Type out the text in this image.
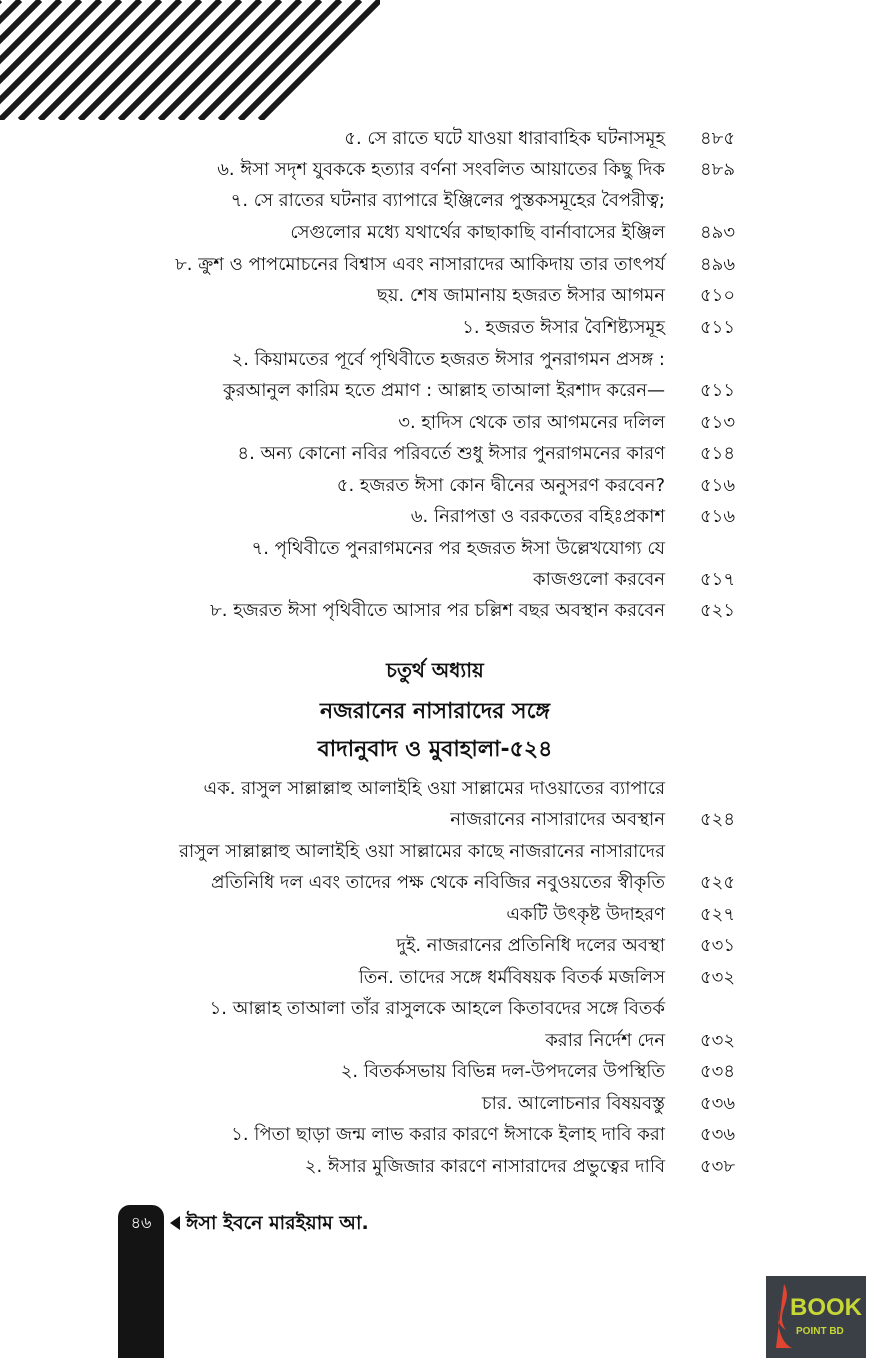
৫. সে রাতে ঘটে যাওয়া ধারাবাহিক ঘটনাসমূহ ৪৮৫
৬. ঈসা সদৃশ যুবককে হত্যার বর্ণনা সংবলিত আয়াতের কিছু দিক ৪৮৯
৭. সে রাতের ঘটনার ব্যাপারে ইঞ্জিলের পুস্তকসমূহের বৈপরীত্ব;
সেগুলোর মধ্যে যথার্থের কাছাকাছি বার্নাবাসের ইঞ্জিল ৪৯৩
৮. ক্রুশ ও পাপমোচনের বিশ্বাস এবং নাসারাদের আকিদায় তার তাৎপর্য ৪৯৬
ছয়. শেষ জামানায় হজরত ঈসার আগমন ৫১০
১. হজরত ঈসার বৈশিষ্ট্যসমূহ ৫১১
২. কিয়ামতের পূর্বে পৃথিবীতে হজরত ঈসার পুনরাগমন প্রসঙ্গ :
কুরআনুল কারিম হতে প্রমাণ : আল্লাহ তাআলা ইরশাদ করেন— ৫১১
৩. হাদিস থেকে তার আগমনের দলিল ৫১৩
৪. অন্য কোনো নবির পরিবর্তে শুধু ঈসার পুনরাগমনের কারণ ৫১৪
৫. হজরত ঈসা কোন দ্বীনের অনুসরণ করবেন? ৫১৬
৬. নিরাপত্তা ও বরকতের বহিঃপ্রকাশ ৫১৬
৭. পৃথিবীতে পুনরাগমনের পর হজরত ঈসা উল্লেখযোগ্য যে
কাজগুলো করবেন ৫১৭
৮. হজরত ঈসা পৃথিবীতে আসার পর চল্লিশ বছর অবস্থান করবেন ৫২১
চতুর্থ অধ্যায়
নজরানের নাসারাদের সঙ্গে
বাদানুবাদ ও মুবাহালা-৫২৪
এক. রাসুল সাল্লাল্লাহু আলাইহি ওয়া সাল্লামের দাওয়াতের ব্যাপারে
নাজরানের নাসারাদের অবস্থান ৫২৪
রাসুল সাল্লাল্লাহু আলাইহি ওয়া সাল্লামের কাছে নাজরানের নাসারাদের
প্রতিনিধি দল এবং তাদের পক্ষ থেকে নবিজির নবুওয়তের স্বীকৃতি ৫২৫
একটি উৎকৃষ্ট উদাহরণ ৫২৭
দুই. নাজরানের প্রতিনিধি দলের অবস্থা ৫৩১
তিন. তাদের সঙ্গে ধর্মবিষয়ক বিতর্ক মজলিস ৫৩২
১. আল্লাহ তাআলা তাঁর রাসুলকে আহলে কিতাবদের সঙ্গে বিতর্ক
করার নির্দেশ দেন ৫৩২
২. বিতর্কসভায় বিভিন্ন দল-উপদলের উপস্থিতি ৫৩৪
চার. আলোচনার বিষয়বস্তু ৫৩৬
১. পিতা ছাড়া জন্ম লাভ করার কারণে ঈসাকে ইলাহ দাবি করা ৫৩৬
২. ঈসার মুজিজার কারণে নাসারাদের প্রভুত্বের দাবি ৫৩৮
৪৬	ঈসা ইবনে মারইয়াম আ.
BOOK
POINT BD
